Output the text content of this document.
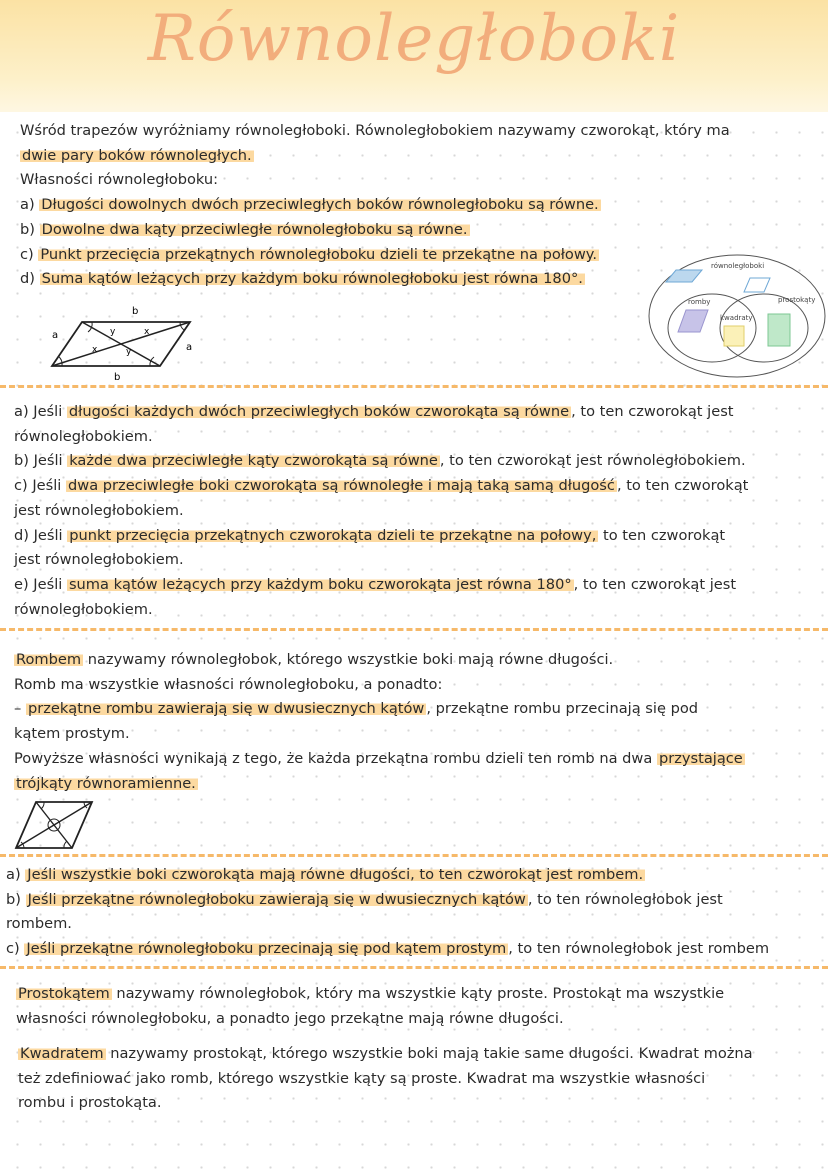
Równoległoboki

Wśród trapezów wyróżniamy równoległoboki. Równoległobokiem nazywamy czworokąt, który ma

dwie pary boków równoległych.

Własności równoległoboku:

a) Długości dowolnych dwóch przeciwległych boków równoległoboku są równe.

b) Dowolne dwa kąty przeciwległe równoległoboku są równe.

c) Punkt przecięcia przekątnych równoległoboku dzieli te przekątne na połowy.

d) Suma kątów leżących przy każdym boku równoległoboku jest równa 180°.

równoległoboki
romby	prostokąty
kwadraty
b
b
a
a
y	x
x	y

a) Jeśli długości każdych dwóch przeciwległych boków czworokąta są równe , to ten czworokąt jest

równoległobokiem.

b) Jeśli każde dwa przeciwległe kąty czworokąta są równe , to ten czworokąt jest równoległobokiem.

c) Jeśli dwa przeciwległe boki czworokąta są równoległe i mają taką samą długość , to ten czworokąt

jest równoległobokiem.

d) Jeśli punkt przecięcia przekątnych czworokąta dzieli te przekątne na połowy, to ten czworokąt

jest równoległobokiem.

e) Jeśli suma kątów leżących przy każdym boku czworokąta jest równa 180° , to ten czworokąt jest

równoległobokiem.

Rombem nazywamy równoległobok, którego wszystkie boki mają równe długości.

Romb ma wszystkie własności równoległoboku, a ponadto:

– przekątne rombu zawierają się w dwusiecznych kątów , przekątne rombu przecinają się pod

kątem prostym.

Powyższe własności wynikają z tego, że każda przekątna rombu dzieli ten romb na dwa przystające

trójkąty równoramienne.

a) Jeśli wszystkie boki czworokąta mają równe długości, to ten czworokąt jest rombem.

b) Jeśli przekątne równoległoboku zawierają się w dwusiecznych kątów , to ten równoległobok jest

rombem.

c) Jeśli przekątne równoległoboku przecinają się pod kątem prostym , to ten równoległobok jest rombem

Prostokątem nazywamy równoległobok, który ma wszystkie kąty proste. Prostokąt ma wszystkie

własności równoległoboku, a ponadto jego przekątne mają równe długości.

Kwadratem nazywamy prostokąt, którego wszystkie boki mają takie same długości. Kwadrat można

też zdefiniować jako romb, którego wszystkie kąty są proste. Kwadrat ma wszystkie własności

rombu i prostokąta.
